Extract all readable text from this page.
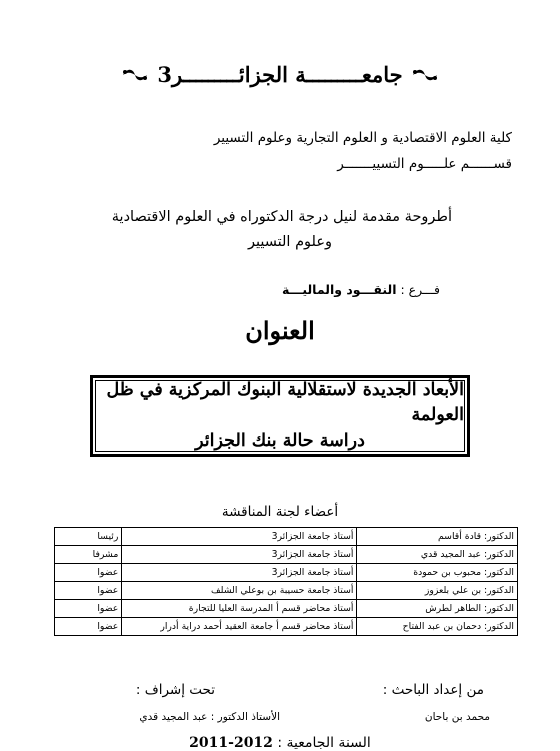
جامعـــــــــة الجزائـــــــــر3
كلية العلوم الاقتصادية و العلوم التجارية وعلوم التسيير
قســــــم علـــــوم التسييـــــــر
أطروحة مقدمة لنيل درجة الدكتوراه في العلوم الاقتصادية
وعلوم التسيير
فـــرع : النقـــود والماليـــة
العنوان
الأبعاد الجديدة لاستقلالية البنوك المركزية في ظل العولمة
دراسة حالة بنك الجزائر
أعضاء لجنة المناقشة
الدكتور: قادة أقاسم	أستاذ جامعة الجزائر3	رئيسا
الدكتور: عبد المجيد قدي	أستاذ جامعة الجزائر3	مشرفا
الدكتور: محبوب بن حمودة	أستاذ جامعة الجزائر3	عضوا
الدكتور: بن علي بلعزوز	أستاذ جامعة حسيبة بن بوعلي الشلف	عضوا
الدكتور: الطاهر لطرش	أستاذ محاضر قسم أ المدرسة العليا للتجارة	عضوا
الدكتور: دحمان بن عبد الفتاح	أستاذ محاضر قسم أ جامعة العقيد أحمد دراية أدرار	عضوا
من إعداد الباحث :
تحت إشراف :
محمد بن باحان
الأستاذ الدكتور : عبد المجيد قدي
السنة الجامعية : 2012-2011
